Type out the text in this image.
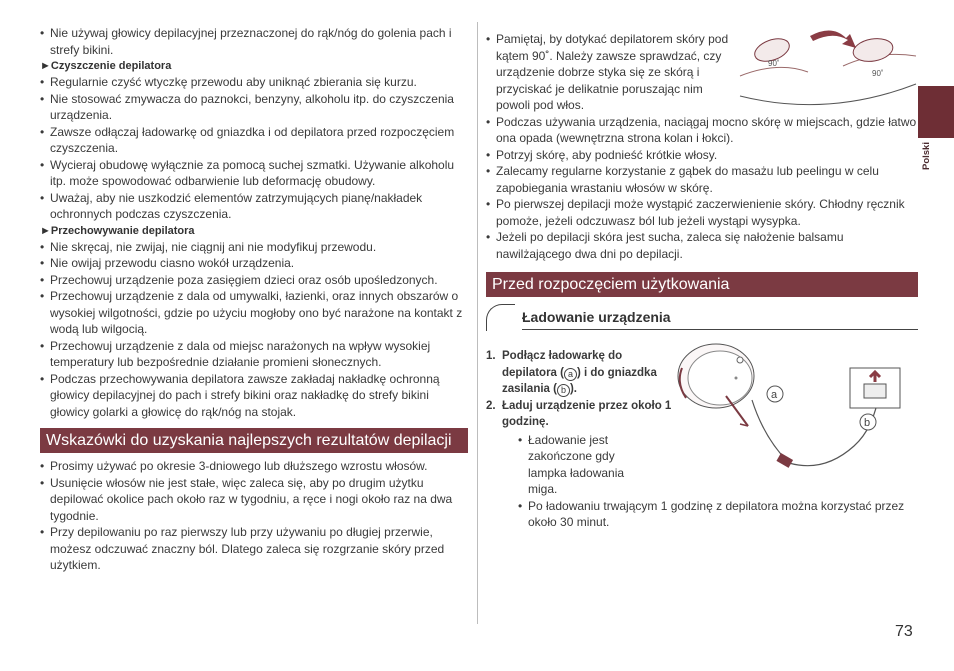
• Nie używaj głowicy depilacyjnej przeznaczonej do rąk/nóg do golenia pach i strefy bikini.
►Czyszczenie depilatora
• Regularnie czyść wtyczkę przewodu aby uniknąć zbierania się kurzu.
• Nie stosować zmywacza do paznokci, benzyny, alkoholu itp. do czyszczenia urządzenia.
• Zawsze odłączaj ładowarkę od gniazdka i od depilatora przed rozpoczęciem czyszczenia.
• Wycieraj obudowę wyłącznie za pomocą suchej szmatki. Używanie alkoholu itp. może spowodować odbarwienie lub deformację obudowy.
• Uważaj, aby nie uszkodzić elementów zatrzymujących pianę/nakładek ochronnych podczas czyszczenia.
►Przechowywanie depilatora
• Nie skręcaj, nie zwijaj, nie ciągnij ani nie modyfikuj przewodu.
• Nie owijaj przewodu ciasno wokół urządzenia.
• Przechowuj urządzenie poza zasięgiem dzieci oraz osób upośledzonych.
• Przechowuj urządzenie z dala od umywalki, łazienki, oraz innych obszarów o wysokiej wilgotności, gdzie po użyciu mogłoby ono być narażone na kontakt z wodą lub wilgocią.
• Przechowuj urządzenie z dala od miejsc narażonych na wpływ wysokiej temperatury lub bezpośrednie działanie promieni słonecznych.
• Podczas przechowywania depilatora zawsze zakładaj nakładkę ochronną głowicy depilacyjnej do pach i strefy bikini oraz nakładkę do strefy bikini głowicy golarki a głowicę do rąk/nóg na stojak.
Wskazówki do uzyskania najlepszych rezultatów depilacji
• Prosimy używać po okresie 3-dniowego lub dłuższego wzrostu włosów.
• Usunięcie włosów nie jest stałe, więc zaleca się, aby po drugim użytku depilować okolice pach około raz w tygodniu, a ręce i nogi około raz na dwa tygodnie.
• Przy depilowaniu po raz pierwszy lub przy używaniu po długiej przerwie, możesz odczuwać znaczny ból. Dlatego zaleca się rozgrzanie skóry przed użytkiem.
90˚
90˚
• Pamiętaj, by dotykać depilatorem skóry pod kątem 90˚. Należy zawsze sprawdzać, czy urządzenie dobrze styka się ze skórą i przyciskać je delikatnie poruszając nim powoli pod włos.
• Podczas używania urządzenia, naciągaj mocno skórę w miejscach, gdzie łatwo ona opada (wewnętrzna strona kolan i łokci).
• Potrzyj skórę, aby podnieść krótkie włosy.
• Zalecamy regularne korzystanie z gąbek do masażu lub peelingu w celu zapobiegania wrastaniu włosów w skórę.
• Po pierwszej depilacji może wystąpić zaczerwienienie skóry. Chłodny ręcznik pomoże, jeżeli odczuwasz ból lub jeżeli wystąpi wysypka.
• Jeżeli po depilacji skóra jest sucha, zaleca się nałożenie balsamu nawilżającego dwa dni po depilacji.
Przed rozpoczęciem użytkowania
Ładowanie urządzenia
1. Podłącz ładowarkę do depilatora ( a ) i do gniazdka zasilania ( b ).
2. Ładuj urządzenie przez około 1 godzinę.
• Ładowanie jest zakończone gdy lampka ładowania miga.
• Po ładowaniu trwającym 1 godzinę z depilatora można korzystać przez około 30 minut.
a
b
Polski
73
